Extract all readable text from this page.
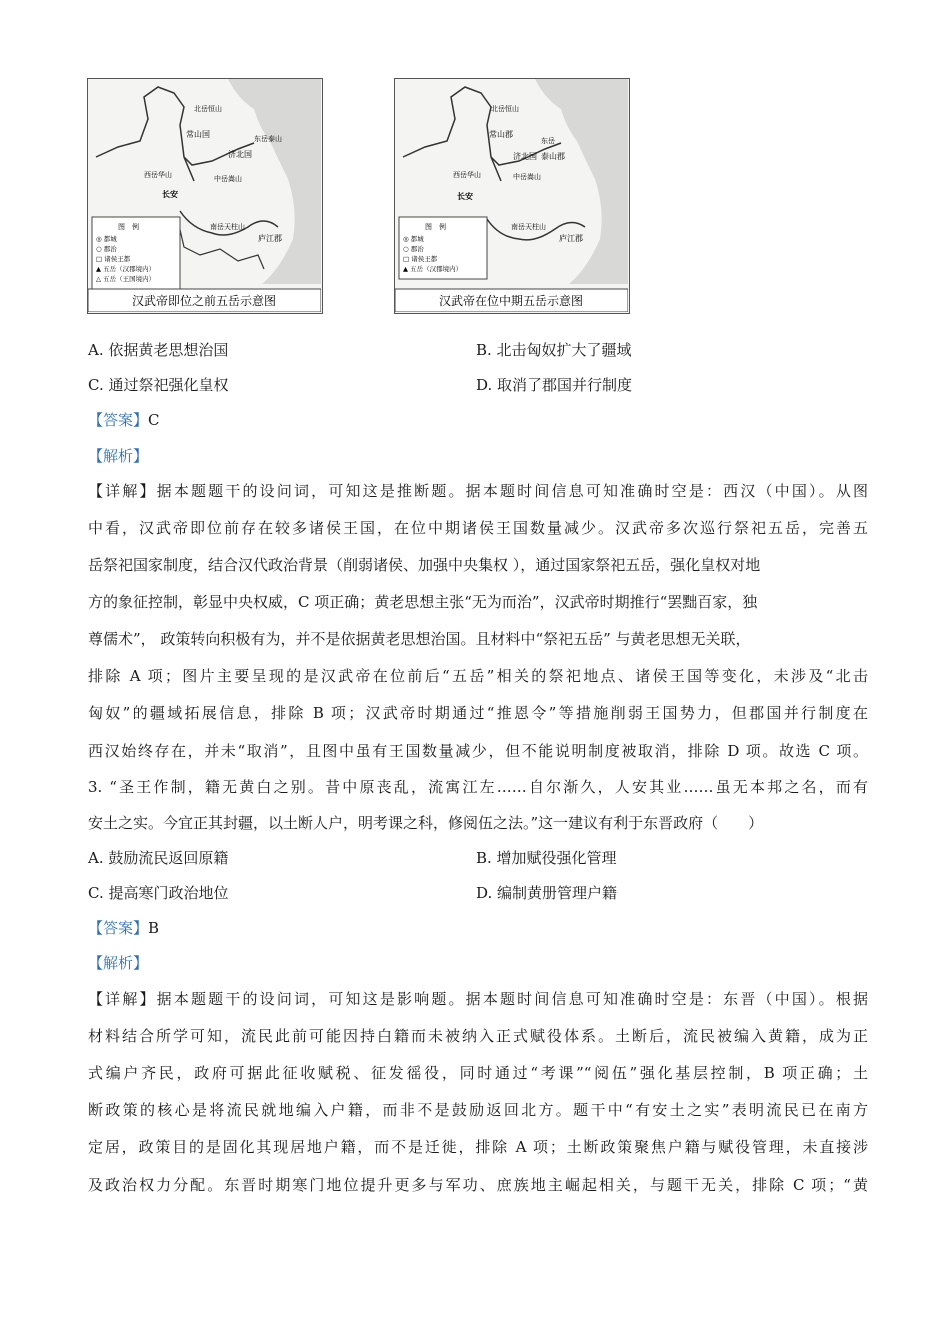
北岳恒山
常山国
济北国
东岳泰山
中岳嵩山
西岳华山
长安
南岳天柱山
庐江郡
图　例
◎ 都城
○ 郡治
□ 诸侯王都
▲ 五岳（汉郡境内）
△ 五岳（王国境内）
汉武帝即位之前五岳示意图
北岳恒山
常山郡
济北国
东岳
泰山郡
中岳嵩山
西岳华山
长安
南岳天柱山
庐江郡
图　例
◎ 都城
○ 郡治
□ 诸侯王都
▲ 五岳（汉郡境内）
汉武帝在位中期五岳示意图
A. 依据黄老思想治国	B. 北击匈奴扩大了疆域
C. 通过祭祀强化皇权	D. 取消了郡国并行制度
【答案】C
【解析】
【详解】据本题题干的设问词，可知这是推断题。据本题时间信息可知准确时空是：西汉（中国）。从图
中看，汉武帝即位前存在较多诸侯王国，在位中期诸侯王国数量减少。汉武帝多次巡行祭祀五岳，完善五
岳祭祀国家制度，结合汉代政治背景（削弱诸侯、加强中央集权 ），通过国家祭祀五岳，强化皇权对地
方的象征控制，彰显中央权威，C 项正确；黄老思想主张“无为而治”，汉武帝时期推行“罢黜百家，独
尊儒术”， 政策转向积极有为，并不是依据黄老思想治国。且材料中“祭祀五岳” 与黄老思想无关联，
排除 A 项；图片主要呈现的是汉武帝在位前后“五岳”相关的祭祀地点、诸侯王国等变化，未涉及“北击
匈奴”的疆域拓展信息，排除 B 项；汉武帝时期通过“推恩令”等措施削弱王国势力，但郡国并行制度在
西汉始终存在，并未“取消”，且图中虽有王国数量减少，但不能说明制度被取消，排除 D 项。故选 C 项。
3. “圣王作制，籍无黄白之别。昔中原丧乱，流寓江左……自尔渐久，人安其业……虽无本邦之名，而有
安土之实。今宜正其封疆，以土断人户，明考课之科，修阅伍之法。”这一建议有利于东晋政府（　　）
A. 鼓励流民返回原籍	B. 增加赋役强化管理
C. 提高寒门政治地位	D. 编制黄册管理户籍
【答案】B
【解析】
【详解】据本题题干的设问词，可知这是影响题。据本题时间信息可知准确时空是：东晋（中国）。根据
材料结合所学可知，流民此前可能因持白籍而未被纳入正式赋役体系。土断后，流民被编入黄籍，成为正
式编户齐民，政府可据此征收赋税、征发徭役，同时通过“考课”“阅伍”强化基层控制，B 项正确；土
断政策的核心是将流民就地编入户籍，而非不是鼓励返回北方。题干中“有安土之实”表明流民已在南方
定居，政策目的是固化其现居地户籍，而不是迁徙，排除 A 项；土断政策聚焦户籍与赋役管理，未直接涉
及政治权力分配。东晋时期寒门地位提升更多与军功、庶族地主崛起相关，与题干无关，排除 C 项；“黄
